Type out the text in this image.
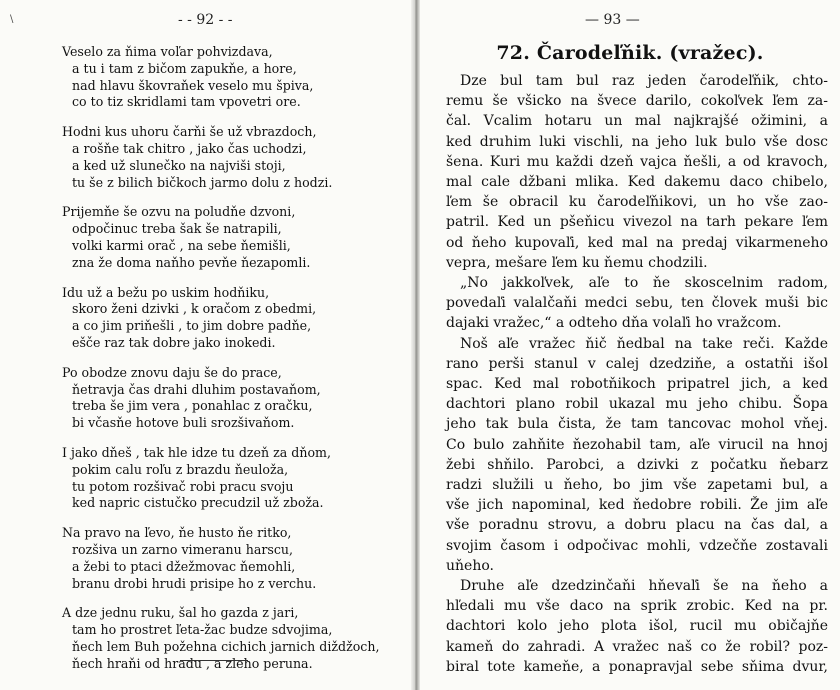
\	- - 92 - -
Veselo za ňima voľar pohvizdava,
a tu i tam z bičom zapukňe, a hore,
nad hlavu škovraňek veselo mu špiva,
co to tiz skridlami tam vpovetri ore.
Hodni kus uhoru čarňi še už vbrazdoch,
a rošňe tak chitro , jako čas uchodzi,
a ked už slunečko na najviši stoji,
tu še z bilich bičkoch jarmo dolu z hodzi.
Prijemňe še ozvu na poludňe dzvoni,
odpočinuc treba šak še natrapili,
volki karmi orač , na sebe ňemišli,
zna že doma naňho pevňe ňezapomli.
Idu už a bežu po uskim hodňiku,
skoro ženi dzivki , k oračom z obedmi,
a co jim priňešli , to jim dobre padňe,
ešče raz tak dobre jako inokedi.
Po obodze znovu daju še do prace,
ňetravja čas drahi dluhim postavaňom,
treba še jim vera , ponahlac z oračku,
bi včasňe hotove buli srozšivaňom.
I jako dňeš , tak hle idze tu dzeň za dňom,
pokim calu roľu z brazdu ňeuloža,
tu potom rozšivač robi pracu svoju
ked napric cistučko precudzil už zboža.
Na pravo na ľevo, ňe husto ňe ritko,
rozšiva un zarno vimeranu harscu,
a žebi to ptaci džežmovac ňemohli,
branu drobi hrudi prisipe ho z verchu.
A dze jednu ruku, šal ho gazda z jari,
tam ho prostret ľeta-žac budze sdvojima,
ňech lem Buh požehna cichich jarnich diždžoch,
ňech hraňi od hradu , a zleho peruna.
— 93 —
72. Čarodeľňik. (vražec).
Dze bul tam bul raz jeden čarodeľňik, chto-
remu še všicko na švece darilo, cokoľvek ľem za-
čal. Vcalim hotaru un mal najkrajšé ožimini, a
ked druhim luki vischli, na jeho luk bulo vše dosc
šena. Kuri mu každi dzeň vajca ňešli, a od kravoch,
mal cale džbani mlika. Ked dakemu daco chibelo,
ľem še obracil ku čarodeľňikovi, un ho vše zao-
patril. Ked un pšeňicu vivezol na tarh pekare ľem
od ňeho kupovaľi, ked mal na predaj vikarmeneho
vepra, mešare ľem ku ňemu chodzili.
„No jakkoľvek, aľe to ňe skoscelnim radom,
povedaľi valalčaňi medci sebu, ten človek muši bic
dajaki vražec,“ a odteho dňa volaľi ho vražcom.
Noš aľe vražec ňič ňedbal na take reči. Každe
rano perši stanul v calej dzedziňe, a ostatňi išol
spac. Ked mal robotňikoch pripatrel jich, a ked
dachtori plano robil ukazal mu jeho chibu. Šopa
jeho tak bula čista, že tam tancovac mohol vňej.
Co bulo zahňite ňezohabil tam, aľe virucil na hnoj
žebi shňilo. Parobci, a dzivki z počatku ňebarz
radzi služili u ňeho, bo jim vše zapetami bul, a
vše jich napominal, ked ňedobre robili. Že jim aľe
vše poradnu strovu, a dobru placu na čas dal, a
svojim časom i odpočivac mohli, vdzečňe zostavali
uňeho.
Druhe aľe dzedzinčaňi hňevaľi še na ňeho a
hľedali mu vše daco na sprik zrobic. Ked na pr.
dachtori kolo jeho plota išol, rucil mu običajňe
kameň do zahradi. A vražec naš co že robil? poz-
biral tote kameňe, a ponapravjal sebe sňima dvur,
